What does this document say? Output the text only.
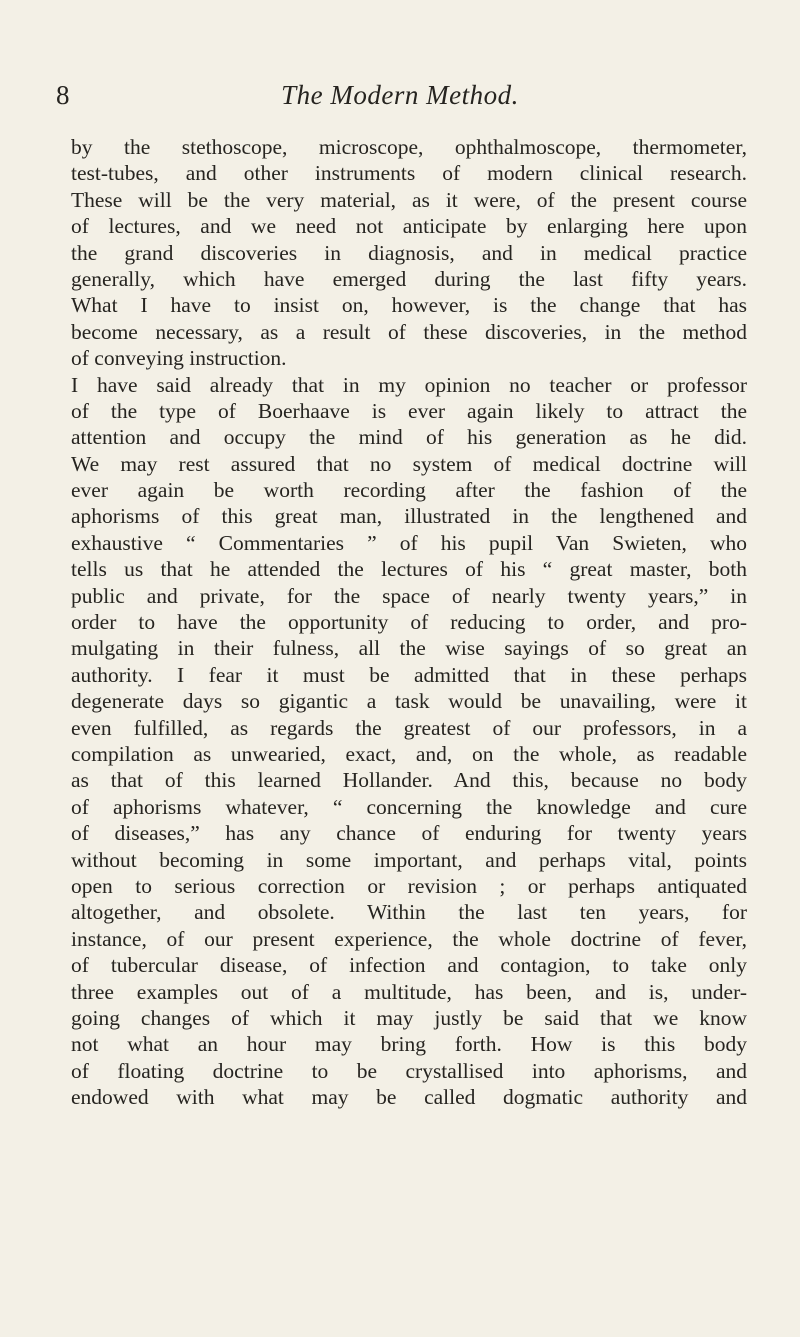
8	The Modern Method.
by the stethoscope, microscope, ophthalmoscope, thermometer,
test-tubes, and other instruments of modern clinical research.
These will be the very material, as it were, of the present course
of lectures, and we need not anticipate by enlarging here upon
the grand discoveries in diagnosis, and in medical practice
generally, which have emerged during the last fifty years.
What I have to insist on, however, is the change that has
become necessary, as a result of these discoveries, in the method
of conveying instruction.
I have said already that in my opinion no teacher or professor
of the type of Boerhaave is ever again likely to attract the
attention and occupy the mind of his generation as he did.
We may rest assured that no system of medical doctrine will
ever again be worth recording after the fashion of the
aphorisms of this great man, illustrated in the lengthened and
exhaustive “ Commentaries ” of his pupil Van Swieten, who
tells us that he attended the lectures of his “ great master, both
public and private, for the space of nearly twenty years,” in
order to have the opportunity of reducing to order, and pro-
mulgating in their fulness, all the wise sayings of so great an
authority. I fear it must be admitted that in these perhaps
degenerate days so gigantic a task would be unavailing, were it
even fulfilled, as regards the greatest of our professors, in a
compilation as unwearied, exact, and, on the whole, as readable
as that of this learned Hollander. And this, because no body
of aphorisms whatever, “ concerning the knowledge and cure
of diseases,” has any chance of enduring for twenty years
without becoming in some important, and perhaps vital, points
open to serious correction or revision ; or perhaps antiquated
altogether, and obsolete. Within the last ten years, for
instance, of our present experience, the whole doctrine of fever,
of tubercular disease, of infection and contagion, to take only
three examples out of a multitude, has been, and is, under-
going changes of which it may justly be said that we know
not what an hour may bring forth. How is this body
of floating doctrine to be crystallised into aphorisms, and
endowed with what may be called dogmatic authority and
